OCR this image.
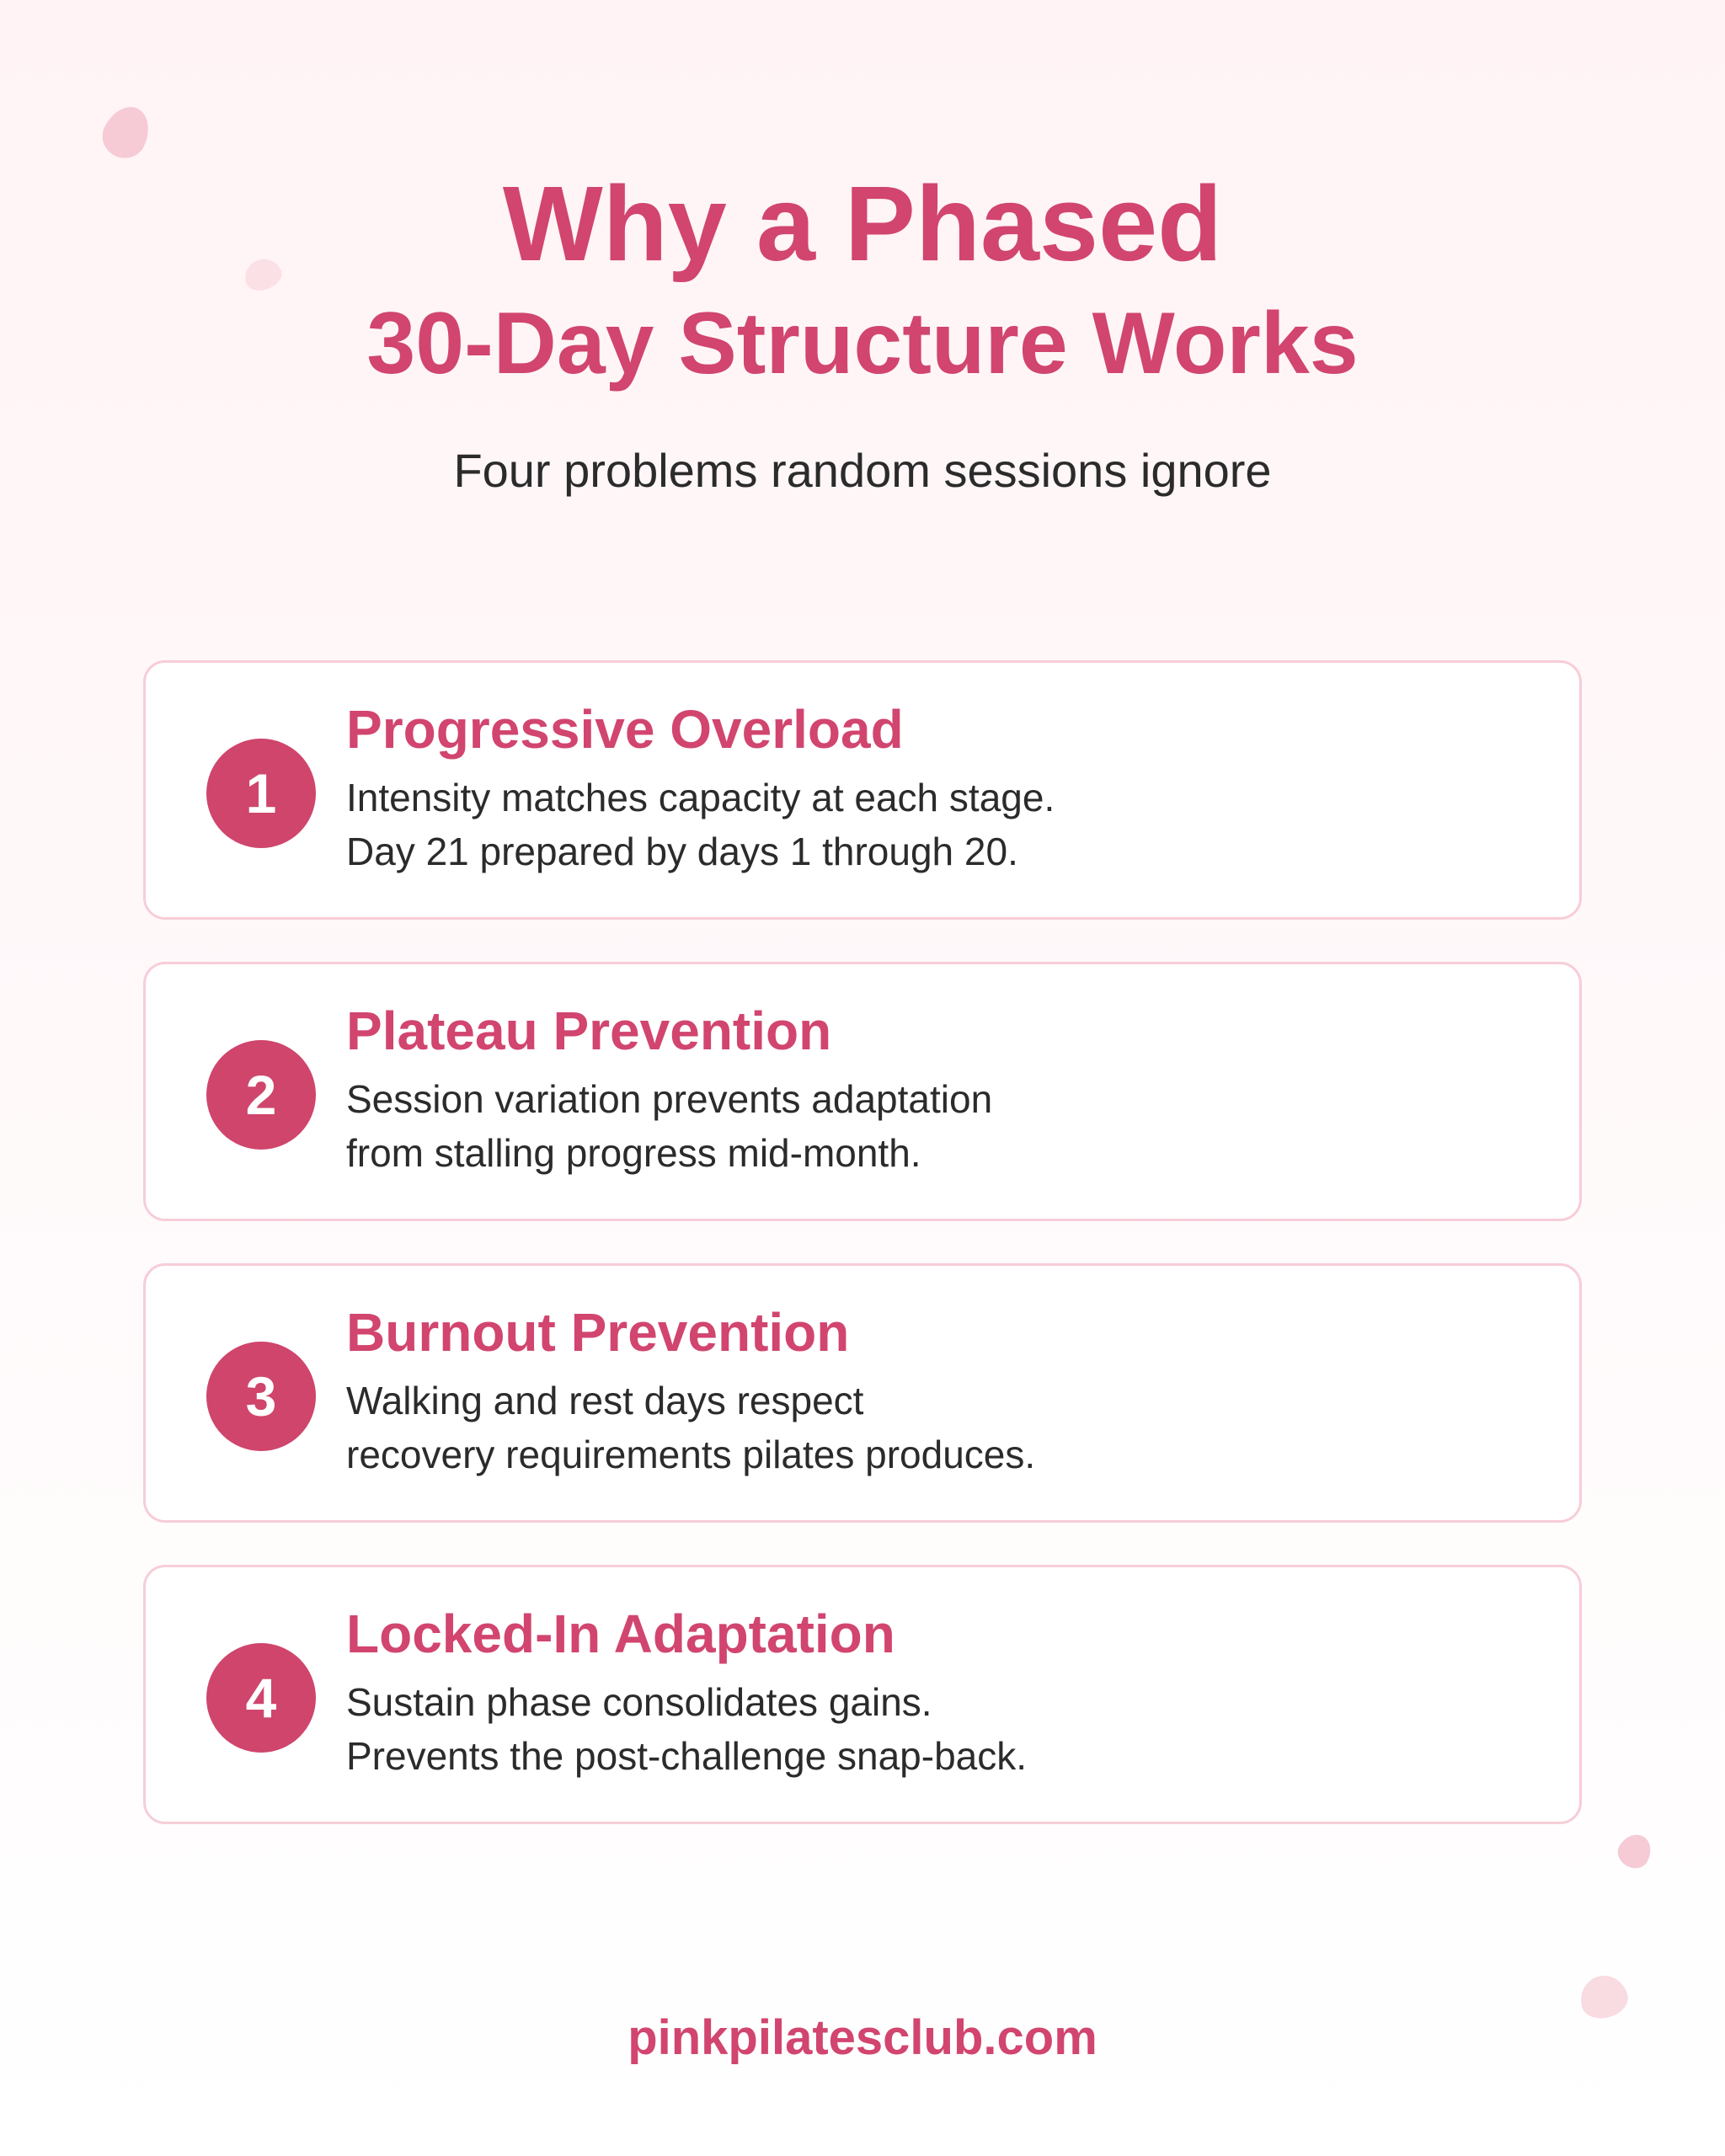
Why a Phased
30-Day Structure Works
Four problems random sessions ignore
1
Progressive Overload
Intensity matches capacity at each stage.
Day 21 prepared by days 1 through 20.
2
Plateau Prevention
Session variation prevents adaptation
from stalling progress mid-month.
3
Burnout Prevention
Walking and rest days respect
recovery requirements pilates produces.
4
Locked-In Adaptation
Sustain phase consolidates gains.
Prevents the post-challenge snap-back.
pinkpilatesclub.com
